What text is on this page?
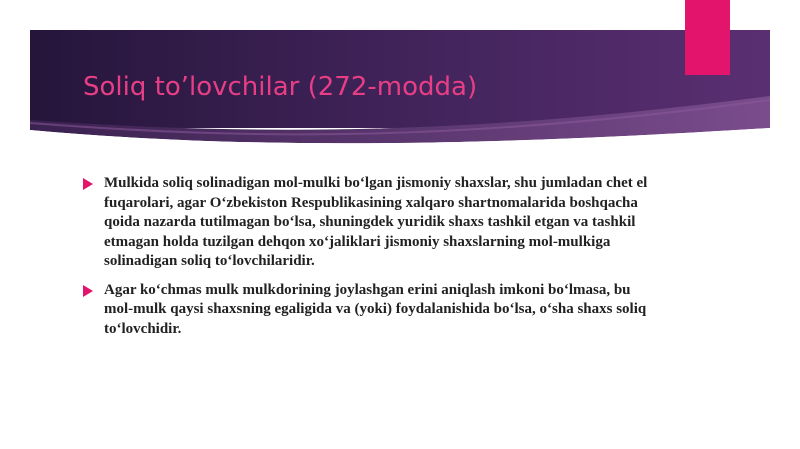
Soliq to’lovchilar (272-modda)
Mulkida soliq solinadigan mol-mulki bo‘lgan jismoniy shaxslar, shu jumladan chet el fuqarolari, agar O‘zbekiston Respublikasining xalqaro shartnomalarida boshqacha qoida nazarda tutilmagan bo‘lsa, shuningdek yuridik shaxs tashkil etgan va tashkil etmagan holda tuzilgan dehqon xo‘jaliklari jismoniy shaxslarning mol-mulkiga solinadigan soliq to‘lovchilaridir.
Agar ko‘chmas mulk mulkdorining joylashgan erini aniqlash imkoni bo‘lmasa, bu mol-mulk qaysi shaxsning egaligida va (yoki) foydalanishida bo‘lsa, o‘sha shaxs soliq to‘lovchidir.
